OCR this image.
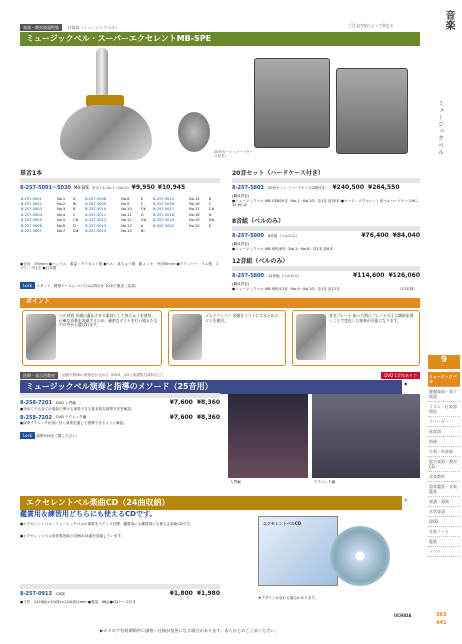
楽器・教材楽器特集 打楽器（ミュージックベル）	ご注文内容によって異なる
ミュージックベル・スーパーエクセレントMB-SPE
音楽
ミュージックベル
9
ミュージックベル
鍵盤楽器・電子楽器
リズム・打楽器関係
リコーダー
弦楽器
指揮
合奏・吹奏楽
総合楽器・教材CD
音楽教材
器楽鑑賞・音楽鑑賞
楽譜・楽典
木管楽器
DVD
音楽ノート
鑑賞
ソフト
393
441
UCHIDA
20音カート（ハードケース付き）
単音1本
8-257-5001〜5020 MB-SPE 単音1本 No.1〜No.20 ¥9,950 ¥10,945
8-257-5001	No.1	A	8-257-5008	No.8	E	8-257-5015	No.15	B
8-257-5002	No.2	B♭	8-257-5009	No.9	F	8-257-5016	No.16	C
8-257-5003	No.3	B	8-257-5010	No.10	F#	8-257-5017	No.17	C#
8-257-5004	No.4	C	8-257-5011	No.11	G	8-257-5018	No.18	D
8-257-5005	No.5	C#	8-257-5012	No.12	G#	8-257-5019	No.19	D#
8-257-5006	No.6	D	8-257-5013	No.13	A	8-257-5020	No.20	E
8-257-5007	No.7	D#	8-257-5014	No.14	B♭			
●全長：190mm ●ハンドル：重量・ダイカスト製 ●ベル：真ちゅう製、銀メッキ、外径85mm ●クラッパー：ゴム製、スプリング付き ●日本製
Lock スタンド、携帯ケースについてはお問合せ 10本で販売（応談）
20音セット（ハードケース付き）
8-257-5802 20音セット（ハードケース2個付き） ¥240,500 ¥264,550
(構成内容)
●ミュージックベル MB-GEN20音（No.1〜No.20）各1本 計20本 ●ケース：エクセレント用ベルハードケースHC-12,HC-8
8音組（ベルのみ）
8-257-5000 8音組（ベルのみ）	¥76,400 ¥84,040
(構成内容)
●ミュージックベル MB-SPE/8音（No.1〜No.8）各1本 計8本
12音組（ベルのみ）
8-257-5800 12音組（ベルのみ）	¥114,600 ¥126,060
(構成内容)
●ミュージックベル MB-SPE/12音（No.9〜No.20）各1本 計12本	（13本制）
ポイント
ベル材質 音域に適応させる素材として真ちゅうを使用。正確な音階を表現するため、厳密なテストを行い組みたものの中から選ばれます。
ゴムクラッパー 余韻をソフトにするためにゴムを使用。
音名プレート 振った時にプレートの上に側面を書くことで変化した演奏が可能になります。
医療・表示用教材	初級や教師の指導法が分かる（DVD、CDと楽譜集各資料など）	DVD 1学年ありで
ミュージックベル演奏と指導のメソード（25音用）	◉
8-258-7201 DVD 入門編	¥7,600 ¥8,360
●初めてでも全ての楽曲で弾ける演奏できる基本的な指導方法を解説。
8-258-7202 DVD テクニック編	¥7,600 ¥8,360
●演奏テクニックが身に付く演奏を通して指導できるように解説。
Lock 曲集P.50をご覧ください。
入門編	テクニック編
エクセレントベル楽曲CD（24曲収納）	◎
鑑賞用＆練習用どちらにも使えるCDです。
●エクセレントベル・ミュージックベルの演奏をステップ目標、鑑賞用にも練習用にも使える楽曲CDです。
●エクセレントベル用伴奏音源と同梱の24曲を収録しています。
8-257-0913 CD版	¥1,800 ¥1,980
●寸法：142(幅)×10(厚)×124(高)1mm ●重量：88g ●CDケース付き
エクセレントベルCD
★デザインが変わる場合があります。
▶カタログ有効期間中に価格・仕様が変更になる場合があります。あらかじめご了承ください。
